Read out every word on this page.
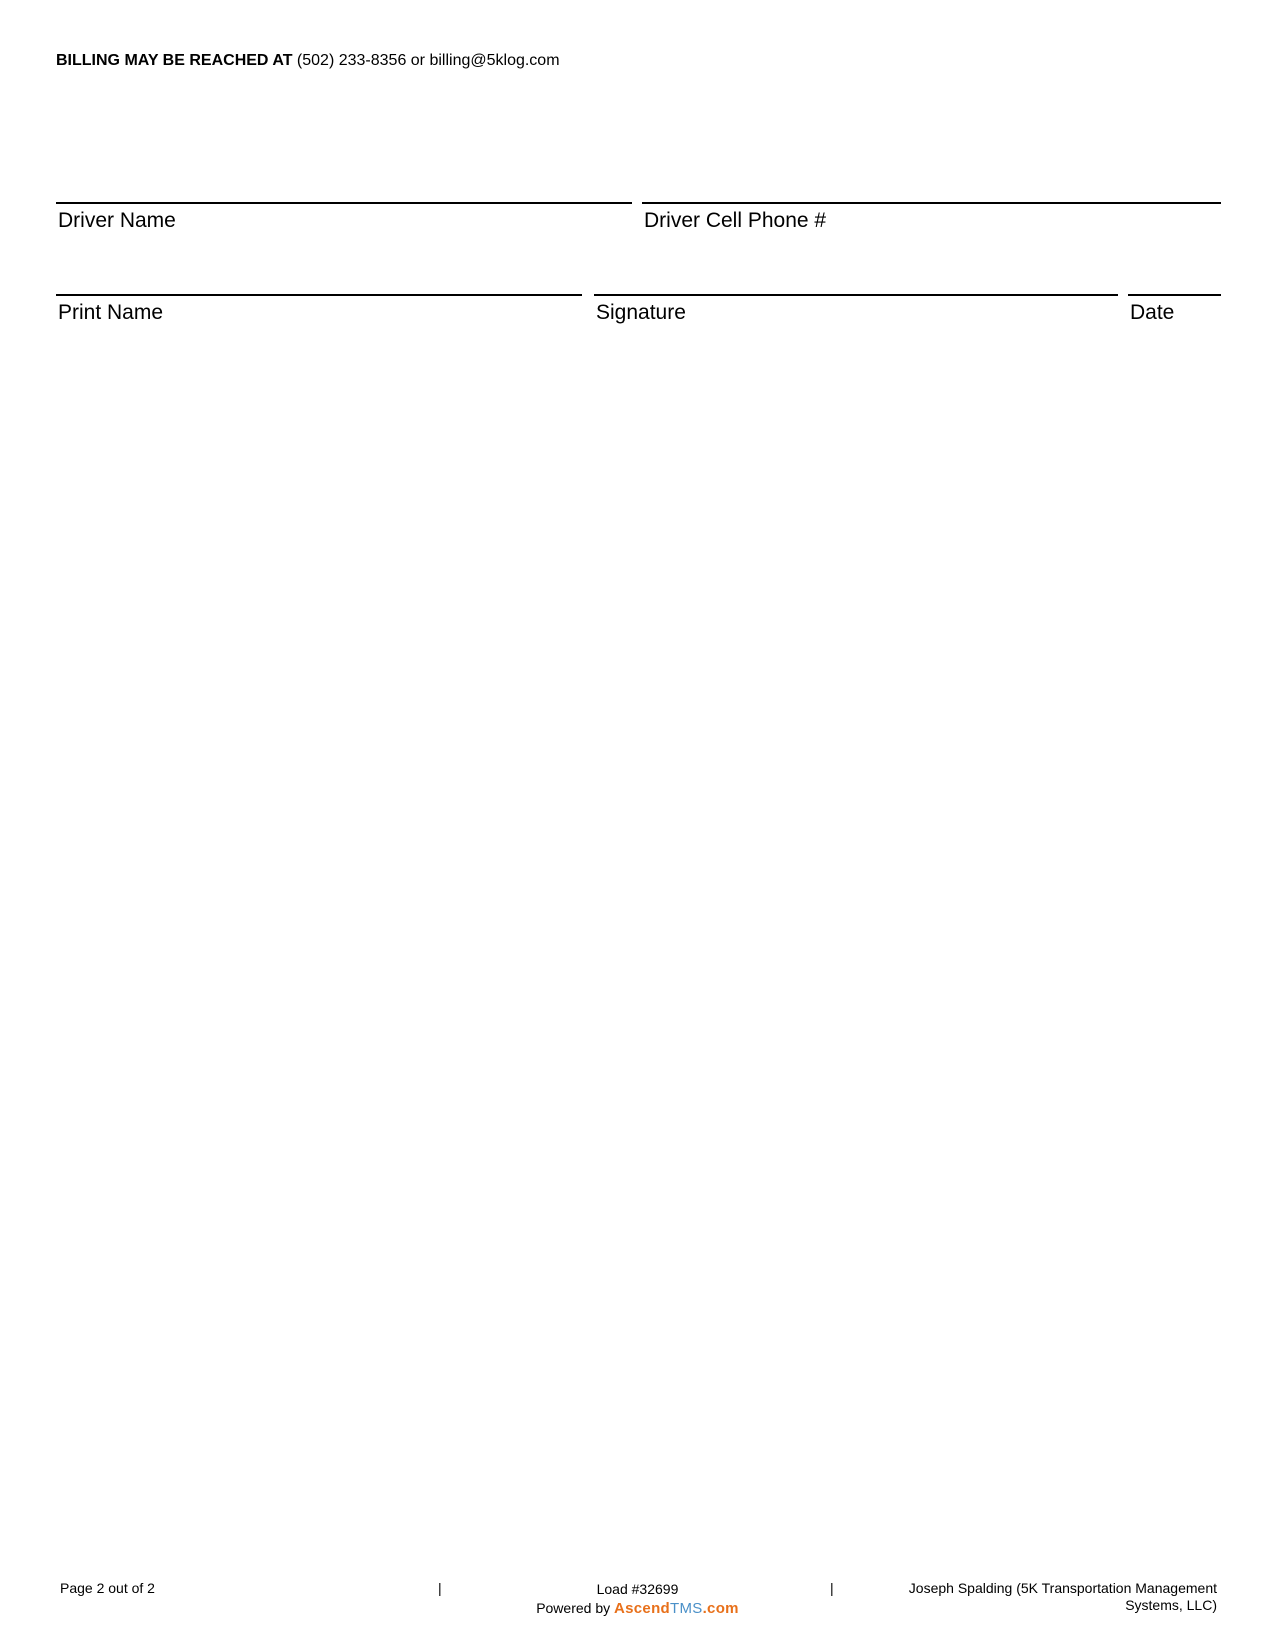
BILLING MAY BE REACHED AT (502) 233-8356 or billing@5klog.com
Driver Name	Driver Cell Phone #
Print Name	Signature	Date
Page 2 out of 2	|	Load #32699
Powered by AscendTMS.com
|	Joseph Spalding (5K Transportation Management Systems, LLC)
